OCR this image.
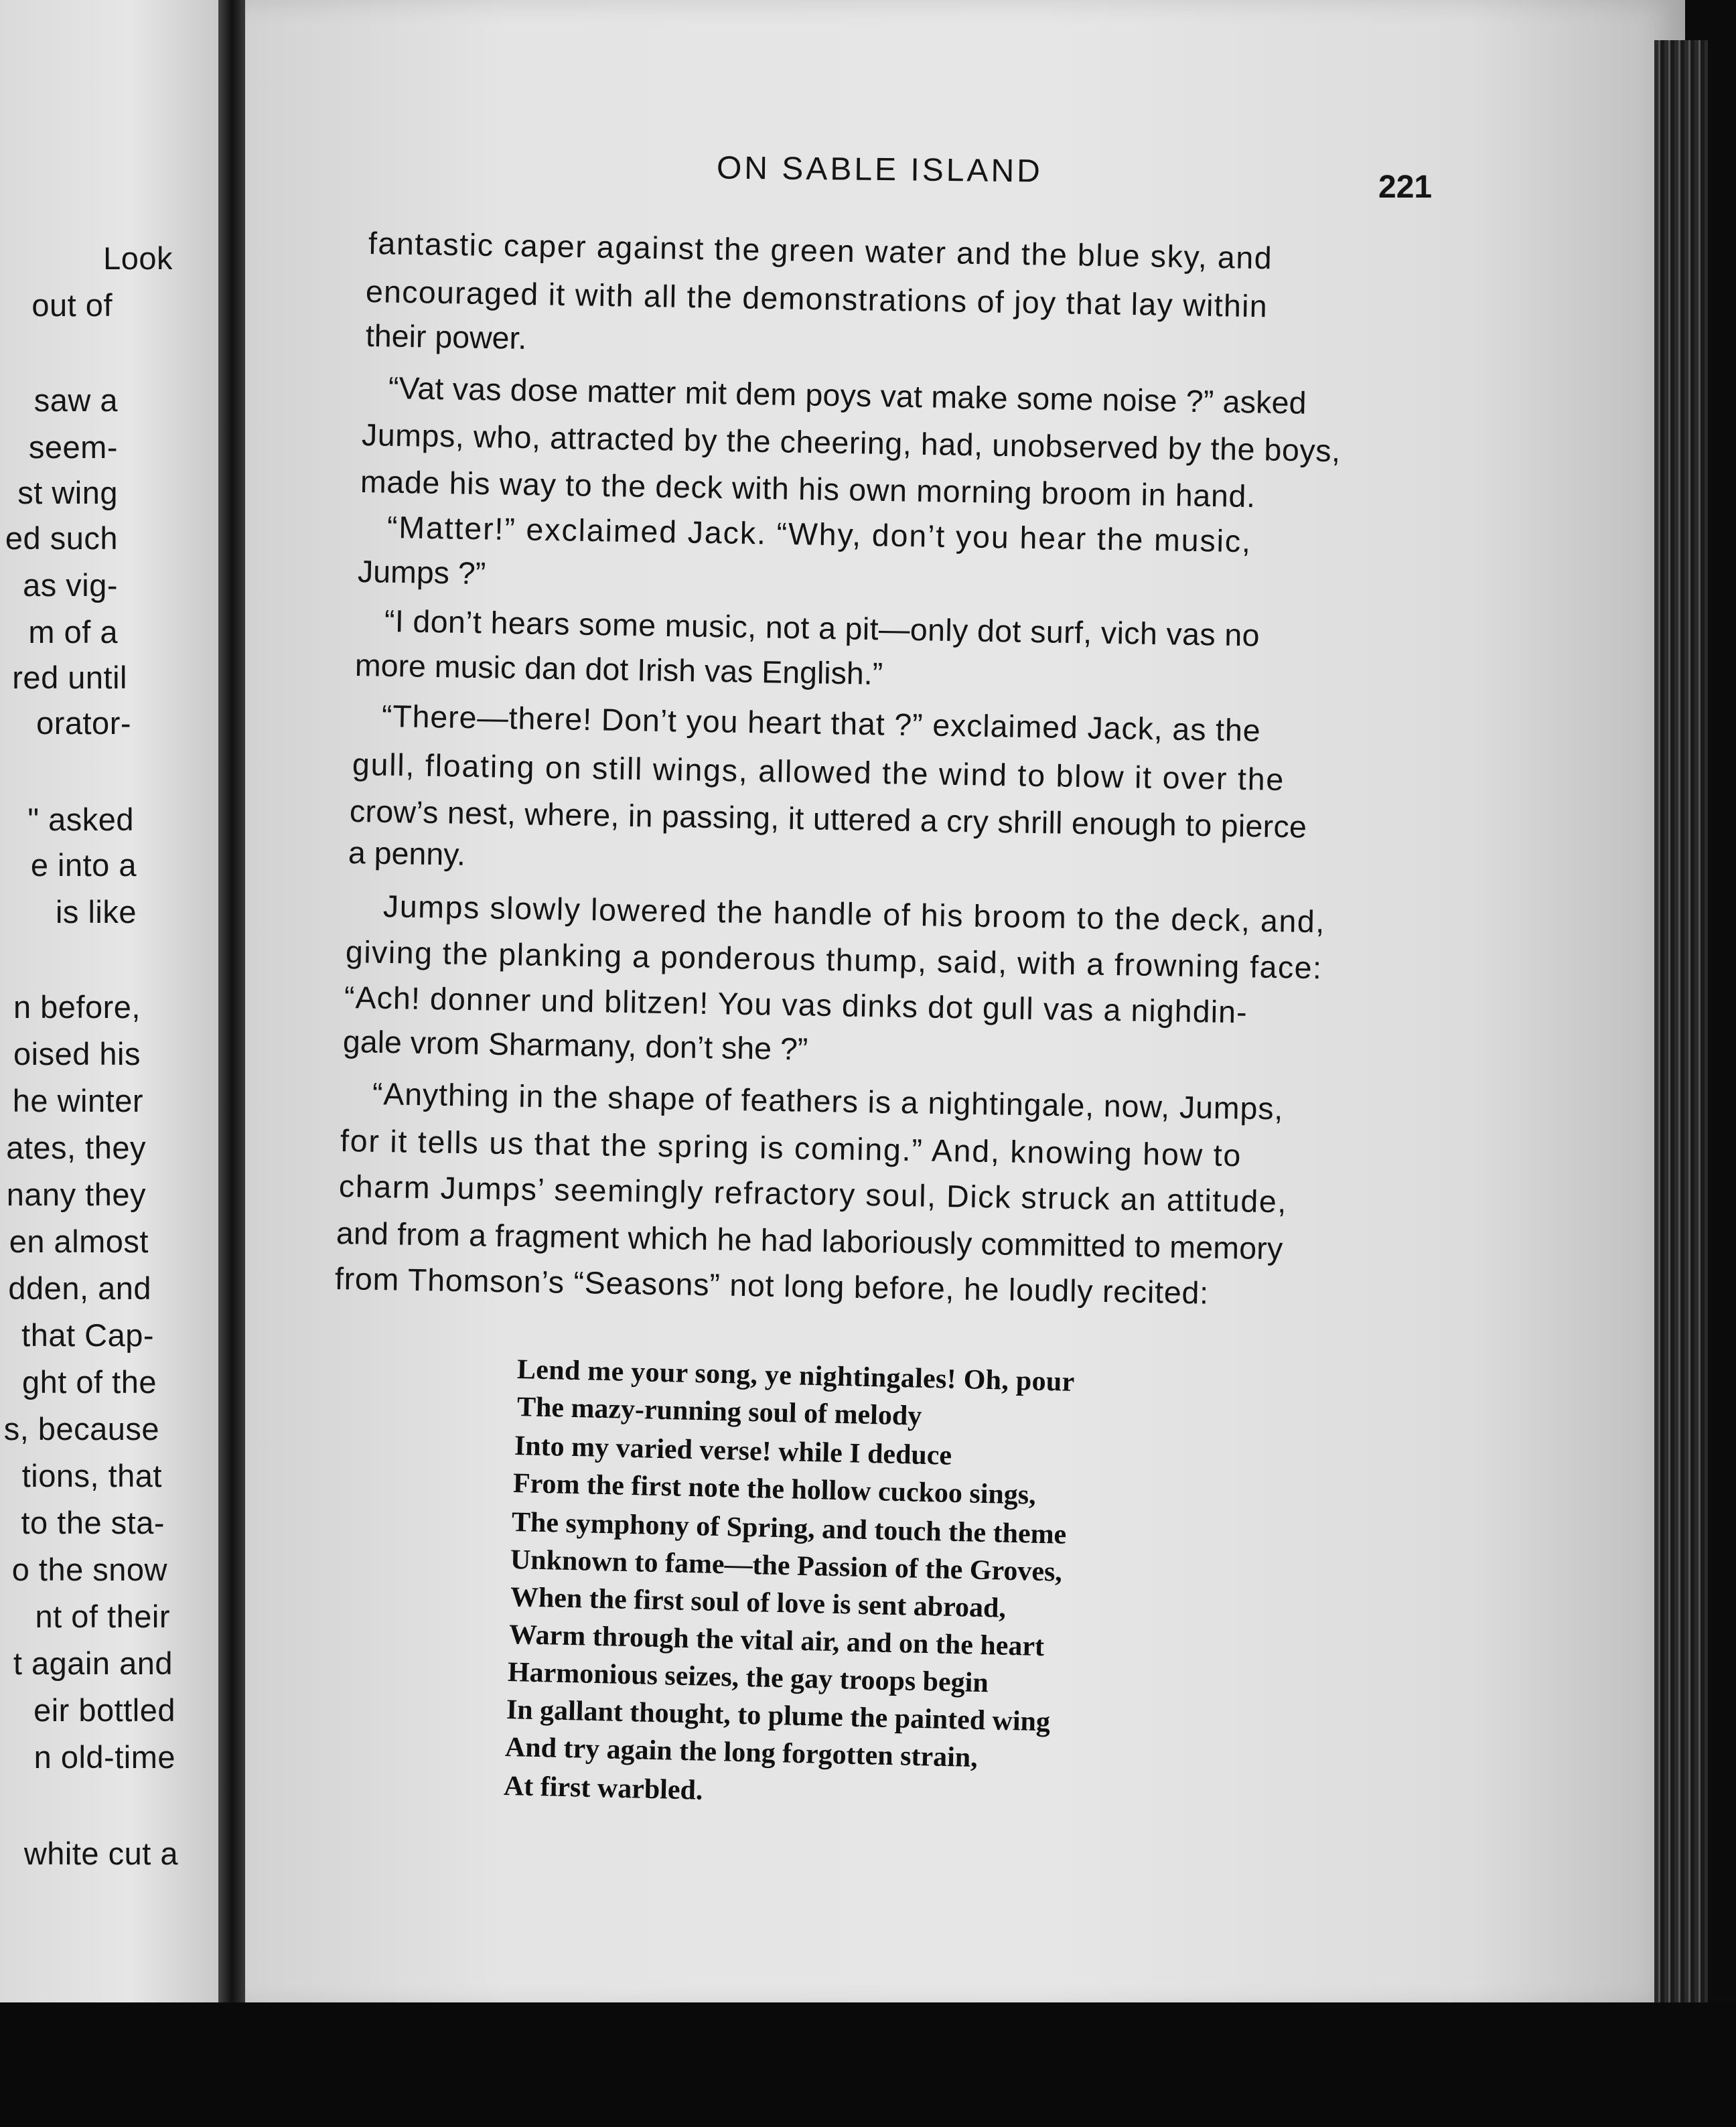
Look
out of
saw a
seem-
st wing
ed such
as vig-
m of a
red until
orator-
" asked
e into a
is like
n before,
oised his
he winter
ates, they
nany they
en almost
dden, and
that Cap-
ght of the
s, because
tions, that
to the sta-
o the snow
nt of their
t again and
eir bottled
n old-time
white cut a
ON SABLE ISLAND	221
fantastic caper against the green water and the blue sky, and
encouraged it with all the demonstrations of joy that lay within
their power.
“Vat vas dose matter mit dem poys vat make some noise ?” asked
Jumps, who, attracted by the cheering, had, unobserved by the boys,
made his way to the deck with his own morning broom in hand.
“Matter!” exclaimed Jack. “Why, don’t you hear the music,
Jumps ?”
“I don’t hears some music, not a pit—only dot surf, vich vas no
more music dan dot Irish vas English.”
“There—there! Don’t you heart that ?” exclaimed Jack, as the
gull, floating on still wings, allowed the wind to blow it over the
crow’s nest, where, in passing, it uttered a cry shrill enough to pierce
a penny.
Jumps slowly lowered the handle of his broom to the deck, and,
giving the planking a ponderous thump, said, with a frowning face:
“Ach! donner und blitzen! You vas dinks dot gull vas a nighdin-
gale vrom Sharmany, don’t she ?”
“Anything in the shape of feathers is a nightingale, now, Jumps,
for it tells us that the spring is coming.” And, knowing how to
charm Jumps’ seemingly refractory soul, Dick struck an attitude,
and from a fragment which he had laboriously committed to memory
from Thomson’s “Seasons” not long before, he loudly recited:
Lend me your song, ye nightingales! Oh, pour
The mazy-running soul of melody
Into my varied verse! while I deduce
From the first note the hollow cuckoo sings,
The symphony of Spring, and touch the theme
Unknown to fame—the Passion of the Groves,
When the first soul of love is sent abroad,
Warm through the vital air, and on the heart
Harmonious seizes, the gay troops begin
In gallant thought, to plume the painted wing
And try again the long forgotten strain,
At first warbled.
